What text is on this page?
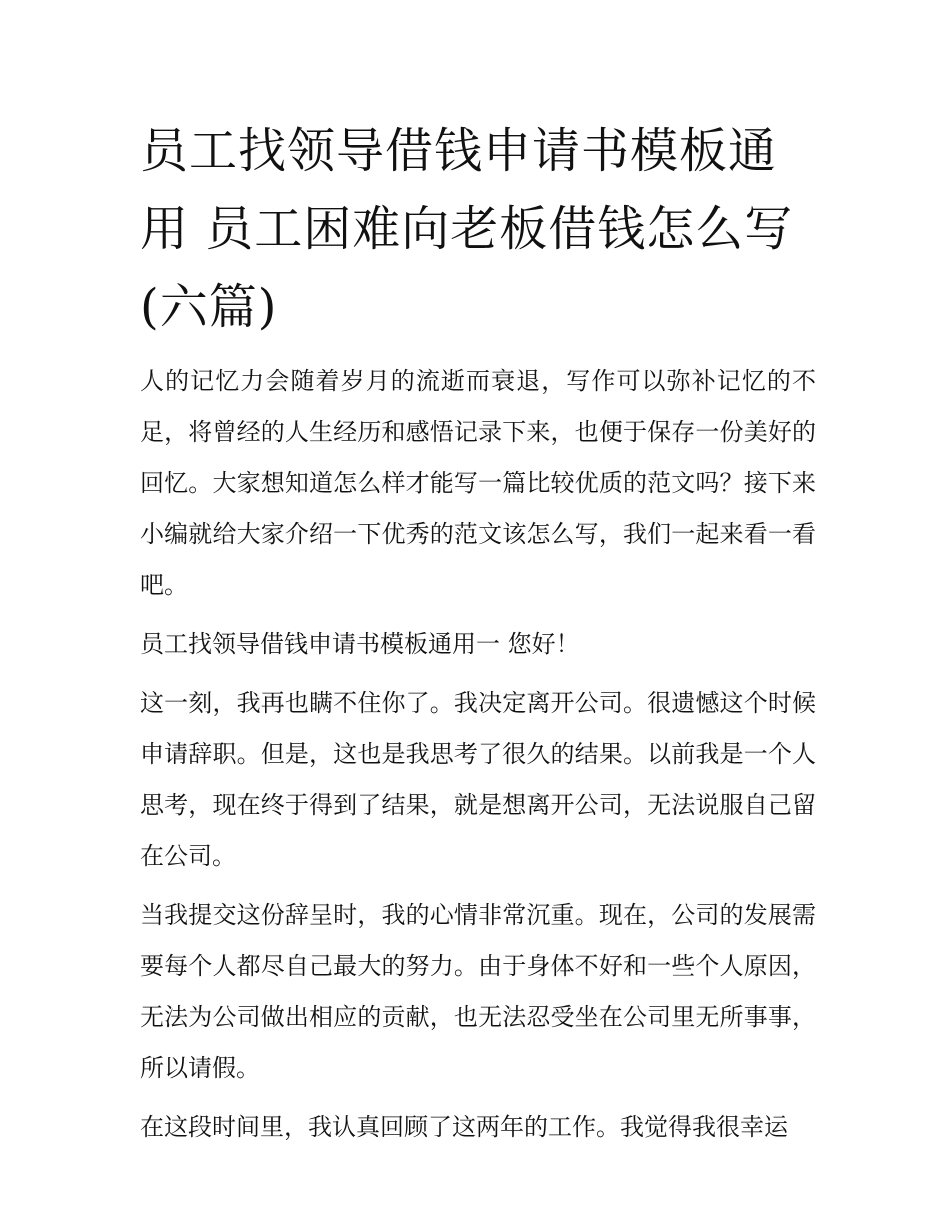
员工找领导借钱申请书模板通用 员工困难向老板借钱怎么写(六篇)

人的记忆力会随着岁月的流逝而衰退，写作可以弥补记忆的不足，将曾经的人生经历和感悟记录下来，也便于保存一份美好的回忆。大家想知道怎么样才能写一篇比较优质的范文吗？接下来小编就给大家介绍一下优秀的范文该怎么写，我们一起来看一看吧。

员工找领导借钱申请书模板通用一 您好！

这一刻，我再也瞒不住你了。我决定离开公司。很遗憾这个时候申请辞职。但是，这也是我思考了很久的结果。以前我是一个人思考，现在终于得到了结果，就是想离开公司，无法说服自己留在公司。

当我提交这份辞呈时，我的心情非常沉重。现在，公司的发展需要每个人都尽自己最大的努力。由于身体不好和一些个人原因，无法为公司做出相应的贡献，也无法忍受坐在公司里无所事事，所以请假。

在这段时间里，我认真回顾了这两年的工作。我觉得我很幸运
